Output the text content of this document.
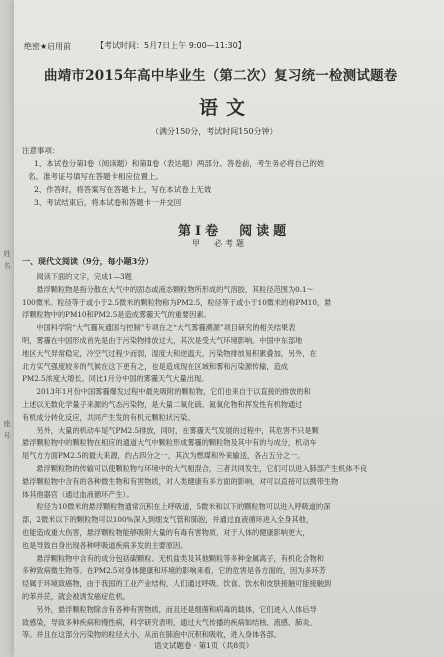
姓
名
座
号
绝密★启用前	【考试时间：5月7日上午 9:00—11:30】
曲靖市2015年高中毕业生（第二次）复习统一检测试题卷
语文
（满分150分，考试时间150分钟）
注意事项：
1、本试卷分第Ⅰ卷（阅读题）和第Ⅱ卷（表达题）两部分。答卷前，考生务必将自己的姓
名、准考证号填写在答题卡相应位置上。
2、作答时，将答案写在答题卡上，写在本试卷上无效
3、考试结束后，将本试卷和答题卡一并交回
第Ⅰ卷　阅读题
甲　必考题
一、现代文阅读（9分，每小题3分）
　　阅读下面的文字，完成1—3题
　　悬浮颗粒物是指分散在大气中的固态或液态颗粒物所形成的气溶胶，其粒径范围为0.1～
100微米。粒径等于或小于2.5微米的颗粒物称为PM2.5，粒径等于或小于10微米的称PM10，悬
浮颗粒物中的PM10和PM2.5是造成雾霾天气的重要因素。
　　中国科学院“大气霾灰通国与控制”专项在之“大气雾霾溯源”项目研究的相关结果表
明，雾霾在中国形成首先是由于污染物排放过大，其次是受大气环境影响。中国中东部地
地区大气异常稳定，冷空气过程少而弱，湿度大和逆温天，污染物排放易积累叠加，另外，在
北方实气强度较多的气候在这下更有之，也是造成现在区域和雾和污染源传输，造成
PM2.5浓度大增长。同比1月分中国的雾霾天气大量出现。
　　2013年1月份中国雾霾爆发过程中最先吸附的颗粒物，它们也来自于以直接的排放的和
上述以无数化学量子来源的气态污染物，是大量二氧化硫、氮氧化物和挥发性有机物通过
有机成分转化反应，共同产生发的有机元颗粒状污染。
　　另外，大量的机动车尾气PM2.5排放，同时，在雾霾天气发展的过程中，其危害不只是颗
悬浮颗粒物中的颗粒物在相应的通道大气中颗粒形成雾霾的颗粒物及其中有的与成分，机动车
尾气方方面PM2.5的最大来源，约占四分之一，其次为燃煤和外来输送，各占五分之一。
　　悬浮颗粒物的传输可以使颗粒物与环境中的大气相混合，三者共同发生，它们可以进入肺部产生机体不良
悬浮颗粒物中含有的各种微生物和有害物质，对人类健康有多方面的影响，对可以直接可以携带生物
体其他器官（通过血液循环产生）。
　　粒径为10微米的悬浮颗粒物通常沉积在上呼吸道，5微米和以下的颗粒物可以进入呼吸道的深
部，2微米以下的颗粒物可以100%深入到细支气管和肺泡，并通过血液循环进入全身其他，
也能造成重大伤害，悬浮颗粒物能够吸附大量的有毒有害物质，对于人体的健康影响更大，
也是导致自身出现各种呼吸道疾病多发的主要原因。
　　悬浮颗粒物中含有的成分包括碳颗粒、无机盐类及其他颗粒等多种金属离子，有机化合物和
多种致病微生物等。在PM2.5对身体健康和环境的影响来看，它的危害是各方面的，因为多环芳
烃属于环境致癌物，由于我国的工业产业结构，人们通过呼吸、饮食、饮水和皮肤接触可能接触到
的苯并芘，就会被诱发癌症危机。
　　另外，悬浮颗粒物除含有各种有害物质，而且还是细菌和病毒的载体，它们进入人体后导
致感染，导致多种疾病和慢性病，科学研究表明，通过大气传播的疾病如结核、流感、肺炎、
等。并且在这部分污染物的粒径大小，从而在肺泡中沉积和吸收，进入身体各部。
语文试题卷 · 第1页（共8页）
